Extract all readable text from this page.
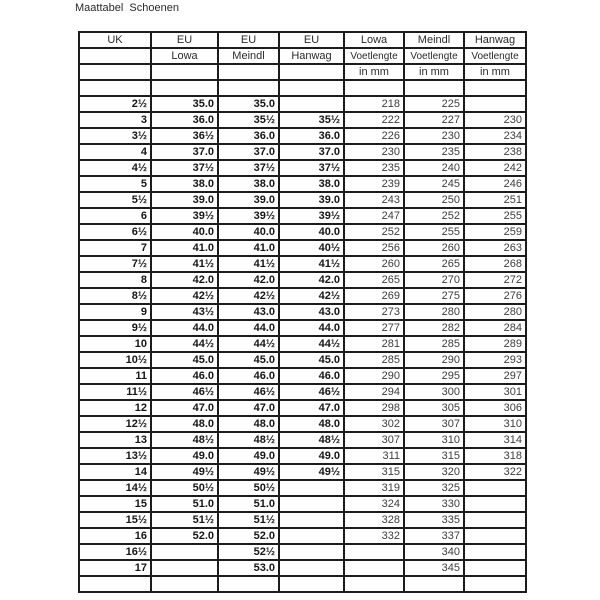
Maattabel  Schoenen
UK	EU	EU	EU	Lowa	Meindl	Hanwag
	Lowa	Meindl	Hanwag	Voetlengte	Voetlengte	Voetlengte
				in mm	in mm	in mm

2½	35.0	35.0		218	225	
3	36.0	35½	35½	222	227	230
3½	36½	36.0	36.0	226	230	234
4	37.0	37.0	37.0	230	235	238
4½	37½	37½	37½	235	240	242
5	38.0	38.0	38.0	239	245	246
5½	39.0	39.0	39.0	243	250	251
6	39½	39½	39½	247	252	255
6½	40.0	40.0	40.0	252	255	259
7	41.0	41.0	40½	256	260	263
7½	41½	41½	41½	260	265	268
8	42.0	42.0	42.0	265	270	272
8½	42½	42½	42½	269	275	276
9	43½	43.0	43.0	273	280	280
9½	44.0	44.0	44.0	277	282	284
10	44½	44½	44½	281	285	289
10½	45.0	45.0	45.0	285	290	293
11	46.0	46.0	46.0	290	295	297
11½	46½	46½	46½	294	300	301
12	47.0	47.0	47.0	298	305	306
12½	48.0	48.0	48.0	302	307	310
13	48½	48½	48½	307	310	314
13½	49.0	49.0	49.0	311	315	318
14	49½	49½	49½	315	320	322
14½	50½	50½		319	325	
15	51.0	51.0		324	330	
15½	51½	51½		328	335	
16	52.0	52.0		332	337	
16½		52½			340	
17		53.0			345	
